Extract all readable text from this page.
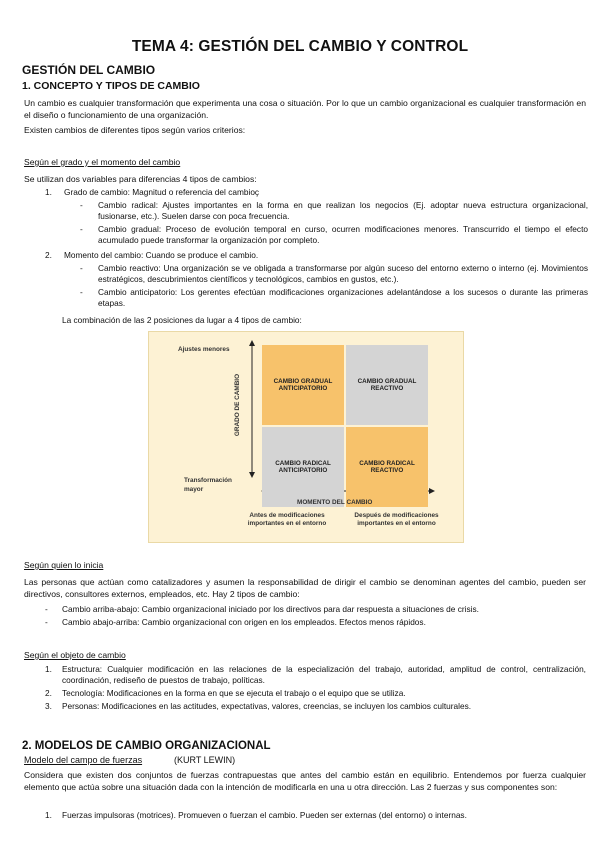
TEMA 4: GESTIÓN DEL CAMBIO Y CONTROL
GESTIÓN DEL CAMBIO
1. CONCEPTO Y TIPOS DE CAMBIO
Un cambio es cualquier transformación que experimenta una cosa o situación. Por lo que un cambio organizacional es cualquier transformación en el diseño o funcionamiento de una organización.
Existen cambios de diferentes tipos según varios criterios:
Según el grado y el momento del cambio
Se utilizan dos variables para diferencias 4 tipos de cambios:
1. Grado de cambio: Magnitud o referencia del cambioç
- Cambio radical: Ajustes importantes en la forma en que realizan los negocios (Ej. adoptar nueva estructura organizacional, fusionarse, etc.). Suelen darse con poca frecuencia.
- Cambio gradual: Proceso de evolución temporal en curso, ocurren modificaciones menores. Transcurrido el tiempo el efecto acumulado puede transformar la organización por completo.
2. Momento del cambio: Cuando se produce el cambio.
- Cambio reactivo: Una organización se ve obligada a transformarse por algún suceso del entorno externo o interno (ej. Movimientos estratégicos, descubrimientos científicos y tecnológicos, cambios en gustos, etc.).
- Cambio anticipatorio: Los gerentes efectúan modificaciones organizaciones adelantándose a los sucesos o durante las primeras etapas.
La combinación de las 2 posiciones da lugar a 4 tipos de cambio:
Ajustes menores
Transformación mayor
GRADO DE CAMBIO	CAMBIO GRADUAL ANTICIPATORIO
CAMBIO GRADUAL REACTIVO
CAMBIO RADICAL ANTICIPATORIO
CAMBIO RADICAL REACTIVO
MOMENTO DEL CAMBIO
Antes de modificaciones importantes en el entorno
Después de modificaciones importantes en el entorno
Según quien lo inicia
Las personas que actúan como catalizadores y asumen la responsabilidad de dirigir el cambio se denominan agentes del cambio, pueden ser directivos, consultores externos, empleados, etc. Hay 2 tipos de cambio:
- Cambio arriba-abajo: Cambio organizacional iniciado por los directivos para dar respuesta a situaciones de crisis.
- Cambio abajo-arriba: Cambio organizacional con origen en los empleados. Efectos menos rápidos.
Según el objeto de cambio
1. Estructura: Cualquier modificación en las relaciones de la especialización del trabajo, autoridad, amplitud de control, centralización, coordinación, rediseño de puestos de trabajo, políticas.
2. Tecnología: Modificaciones en la forma en que se ejecuta el trabajo o el equipo que se utiliza.
3. Personas: Modificaciones en las actitudes, expectativas, valores, creencias, se incluyen los cambios culturales.
2. MODELOS DE CAMBIO ORGANIZACIONAL
Modelo del campo de fuerzas	(KURT LEWIN)
Considera que existen dos conjuntos de fuerzas contrapuestas que antes del cambio están en equilibrio. Entendemos por fuerza cualquier elemento que actúa sobre una situación dada con la intención de modificarla en una u otra dirección. Las 2 fuerzas y sus componentes son:
1. Fuerzas impulsoras (motrices). Promueven o fuerzan el cambio. Pueden ser externas (del entorno) o internas.
